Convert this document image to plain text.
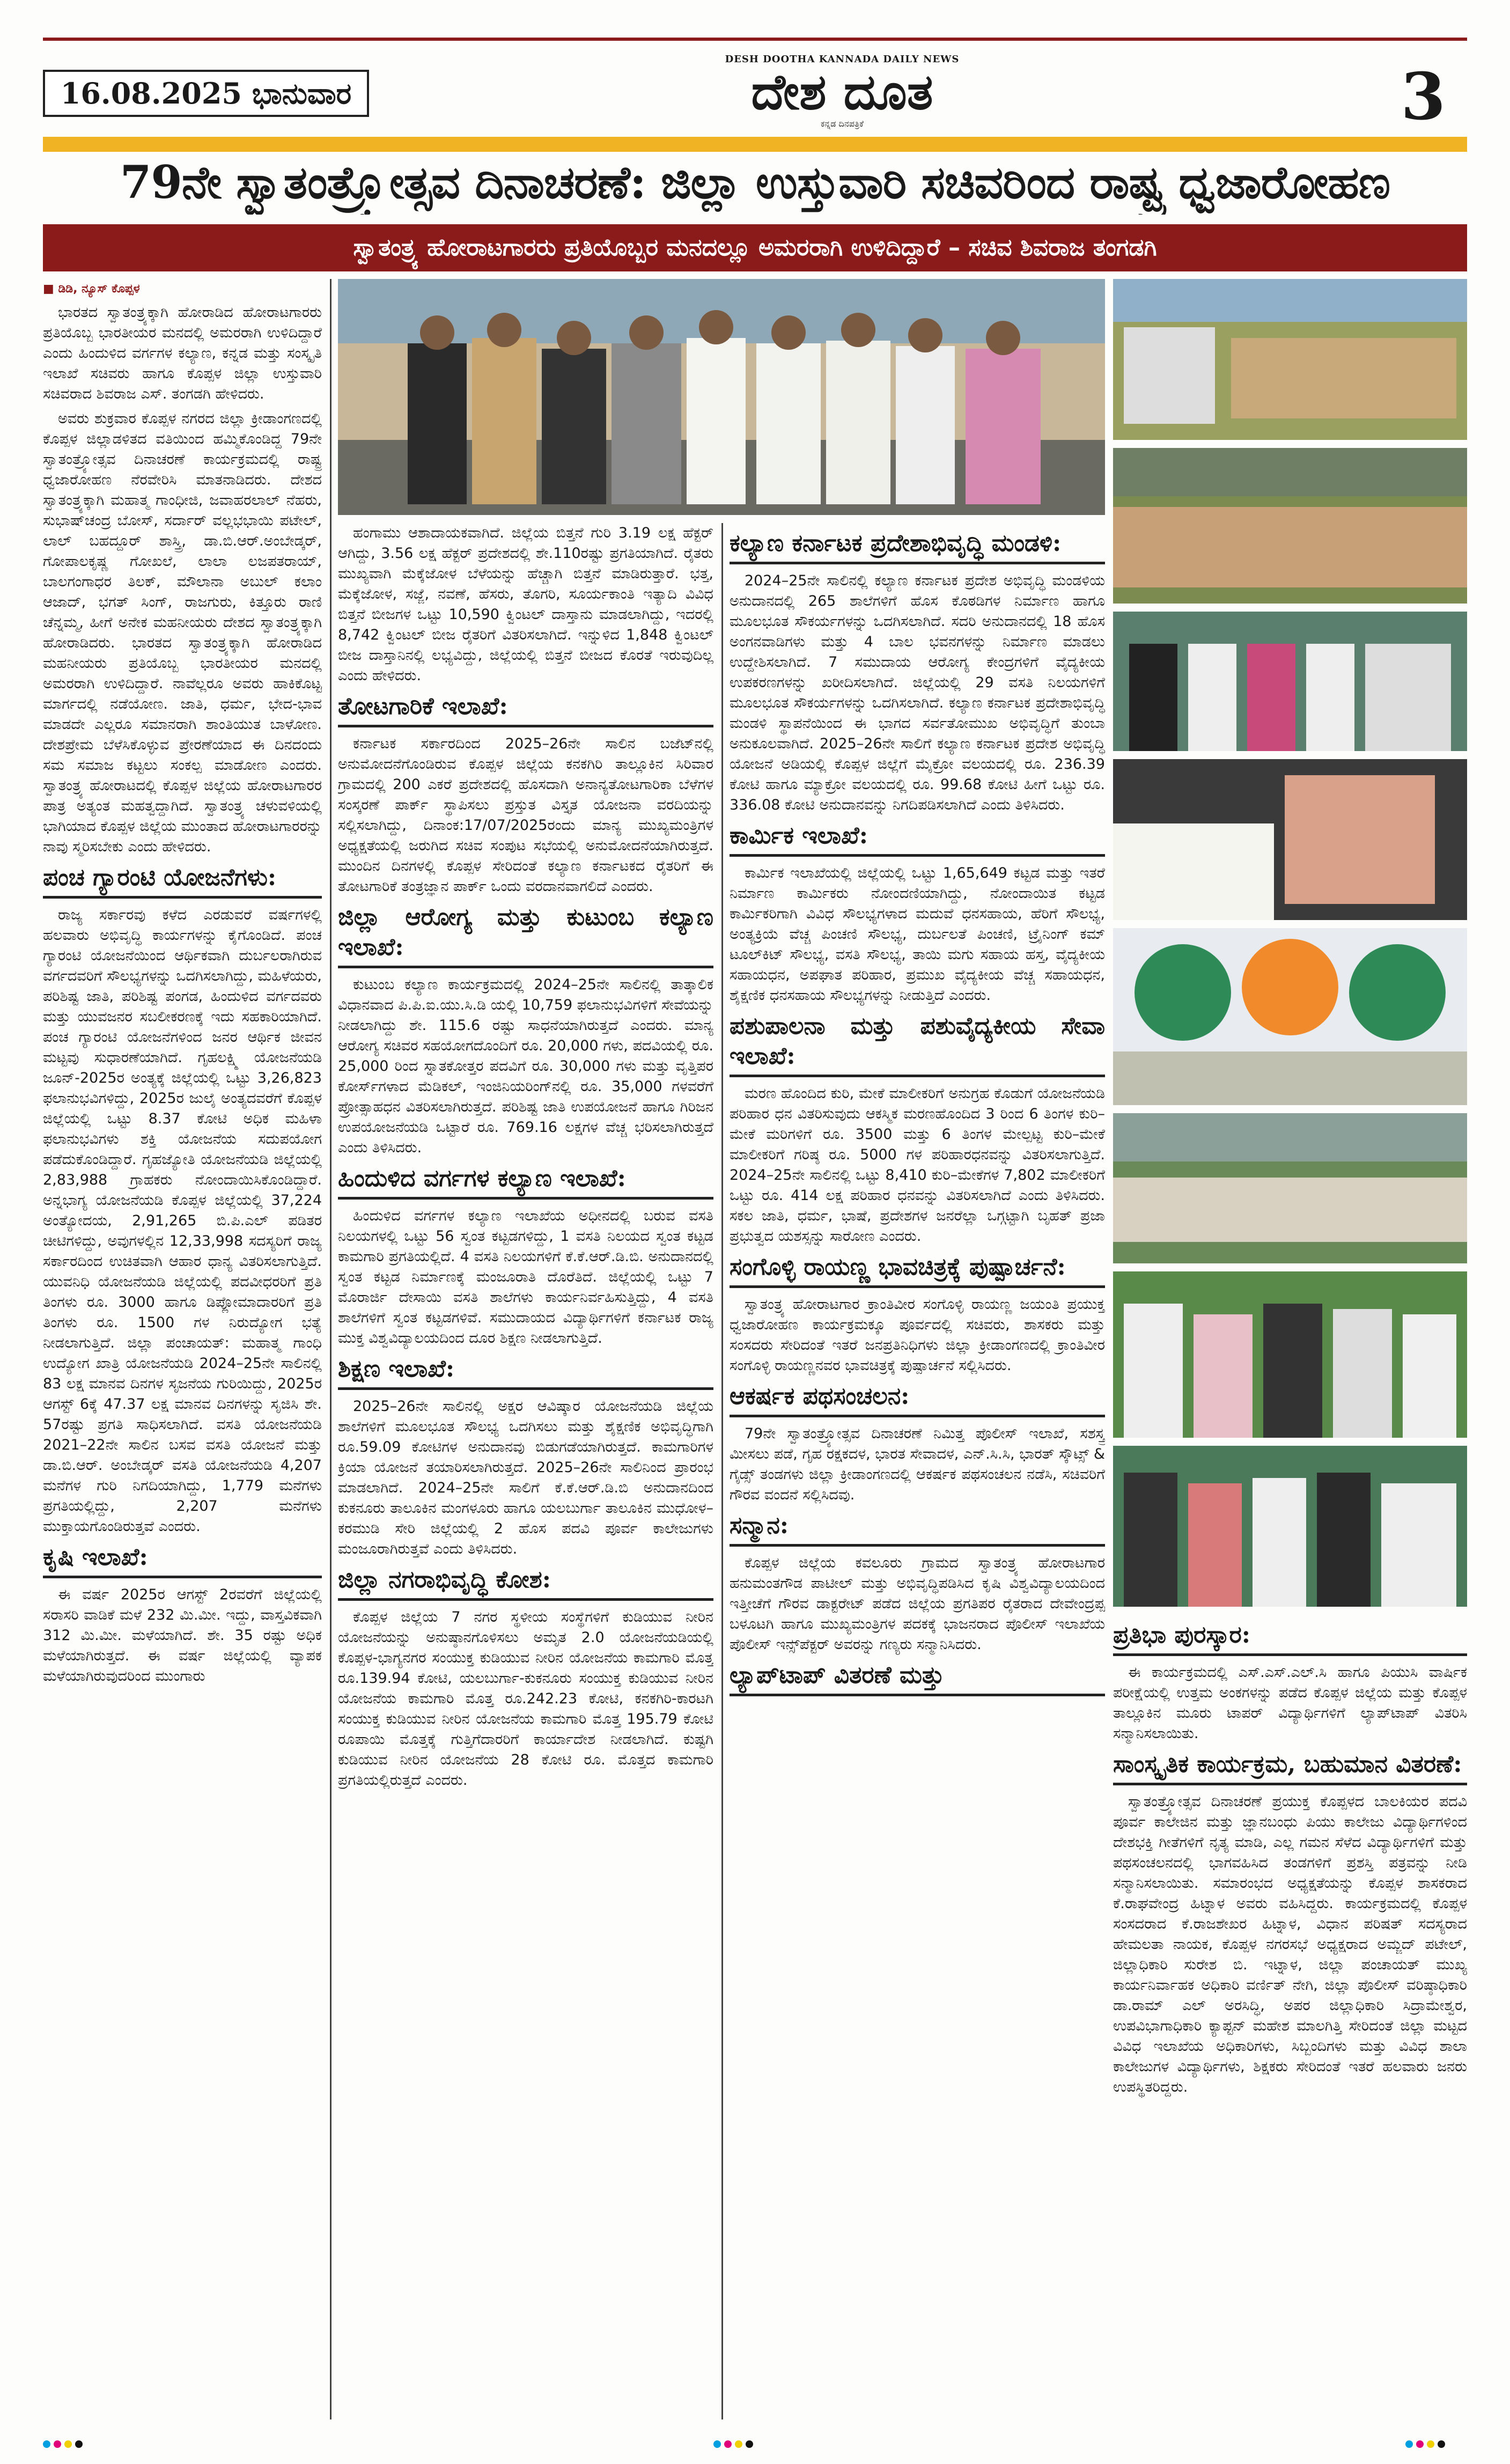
16.08.2025 ಭಾನುವಾರ
DESH DOOTHA KANNADA DAILY NEWS
ದೇಶ ದೂತ
ಕನ್ನಡ ದಿನಪತ್ರಿಕೆ	3
79ನೇ ಸ್ವಾತಂತ್ರ್ಯೋತ್ಸವ ದಿನಾಚರಣೆ: ಜಿಲ್ಲಾ ಉಸ್ತುವಾರಿ ಸಚಿವರಿಂದ ರಾಷ್ಟ್ರ ಧ್ವಜಾರೋಹಣ
ಸ್ವಾತಂತ್ರ್ಯ ಹೋರಾಟಗಾರರು ಪ್ರತಿಯೊಬ್ಬರ ಮನದಲ್ಲೂ ಅಮರರಾಗಿ ಉಳಿದಿದ್ದಾರೆ – ಸಚಿವ ಶಿವರಾಜ ತಂಗಡಗಿ
■ ಡಿಡಿ, ನ್ಯೂಸ್ ಕೊಪ್ಪಳ

ಭಾರತದ ಸ್ವಾತಂತ್ರ್ಯಕ್ಕಾಗಿ ಹೋರಾಡಿದ ಹೋರಾಟಗಾರರು ಪ್ರತಿಯೊಬ್ಬ ಭಾರತೀಯರ ಮನದಲ್ಲಿ ಅಮರರಾಗಿ ಉಳಿದಿದ್ದಾರೆ ಎಂದು ಹಿಂದುಳಿದ ವರ್ಗಗಳ ಕಲ್ಯಾಣ, ಕನ್ನಡ ಮತ್ತು ಸಂಸ್ಕೃತಿ ಇಲಾಖೆ ಸಚಿವರು ಹಾಗೂ ಕೊಪ್ಪಳ ಜಿಲ್ಲಾ ಉಸ್ತುವಾರಿ ಸಚಿವರಾದ ಶಿವರಾಜ ಎಸ್. ತಂಗಡಗಿ ಹೇಳಿದರು.

ಅವರು ಶುಕ್ರವಾರ ಕೊಪ್ಪಳ ನಗರದ ಜಿಲ್ಲಾ ಕ್ರೀಡಾಂಗಣದಲ್ಲಿ ಕೊಪ್ಪಳ ಜಿಲ್ಲಾಡಳಿತದ ವತಿಯಿಂದ ಹಮ್ಮಿಕೊಂಡಿದ್ದ 79ನೇ ಸ್ವಾತಂತ್ರ್ಯೋತ್ಸವ ದಿನಾಚರಣೆ ಕಾರ್ಯಕ್ರಮದಲ್ಲಿ ರಾಷ್ಟ್ರ ಧ್ವಜಾರೋಹಣ ನೆರವೇರಿಸಿ ಮಾತನಾಡಿದರು. ದೇಶದ ಸ್ವಾತಂತ್ರ್ಯಕ್ಕಾಗಿ ಮಹಾತ್ಮ ಗಾಂಧೀಜಿ, ಜವಾಹರಲಾಲ್ ನೆಹರು, ಸುಭಾಷ್‌ಚಂದ್ರ ಬೋಸ್, ಸರ್ದಾರ್ ವಲ್ಲಭಭಾಯಿ ಪಟೇಲ್, ಲಾಲ್ ಬಹದ್ದೂರ್ ಶಾಸ್ತ್ರಿ, ಡಾ.ಬಿ.ಆರ್.ಅಂಬೇಡ್ಕರ್, ಗೋಪಾಲಕೃಷ್ಣ ಗೋಖಲೆ, ಲಾಲಾ ಲಜಪತರಾಯ್, ಬಾಲಗಂಗಾಧರ ತಿಲಕ್, ಮೌಲಾನಾ ಅಬುಲ್ ಕಲಾಂ ಆಜಾದ್, ಭಗತ್ ಸಿಂಗ್, ರಾಜಗುರು, ಕಿತ್ತೂರು ರಾಣಿ ಚೆನ್ನಮ್ಮ, ಹೀಗೆ ಅನೇಕ ಮಹನೀಯರು ದೇಶದ ಸ್ವಾತಂತ್ರ್ಯಕ್ಕಾಗಿ ಹೋರಾಡಿದರು. ಭಾರತದ ಸ್ವಾತಂತ್ರ್ಯಕ್ಕಾಗಿ ಹೋರಾಡಿದ ಮಹನೀಯರು ಪ್ರತಿಯೊಬ್ಬ ಭಾರತೀಯರ ಮನದಲ್ಲಿ ಅಮರರಾಗಿ ಉಳಿದಿದ್ದಾರೆ. ನಾವೆಲ್ಲರೂ ಅವರು ಹಾಕಿಕೊಟ್ಟ ಮಾರ್ಗದಲ್ಲಿ ನಡೆಯೋಣ. ಜಾತಿ, ಧರ್ಮ, ಭೇದ-ಭಾವ ಮಾಡದೇ ಎಲ್ಲರೂ ಸಮಾನರಾಗಿ ಶಾಂತಿಯುತ ಬಾಳೋಣ. ದೇಶಪ್ರೇಮ ಬೆಳೆಸಿಕೊಳ್ಳುವ ಪ್ರೇರಣೆಯಾದ ಈ ದಿನದಂದು ಸಮ ಸಮಾಜ ಕಟ್ಟಲು ಸಂಕಲ್ಪ ಮಾಡೋಣ ಎಂದರು. ಸ್ವಾತಂತ್ರ್ಯ ಹೋರಾಟದಲ್ಲಿ ಕೊಪ್ಪಳ ಜಿಲ್ಲೆಯ ಹೋರಾಟಗಾರರ ಪಾತ್ರ ಅತ್ಯಂತ ಮಹತ್ವದ್ದಾಗಿದೆ. ಸ್ವಾತಂತ್ರ್ಯ ಚಳುವಳಿಯಲ್ಲಿ ಭಾಗಿಯಾದ ಕೊಪ್ಪಳ ಜಿಲ್ಲೆಯ ಮುಂತಾದ ಹೋರಾಟಗಾರರನ್ನು ನಾವು ಸ್ಮರಿಸಬೇಕು ಎಂದು ಹೇಳಿದರು.

ಪಂಚ ಗ್ಯಾರಂಟಿ ಯೋಜನೆಗಳು:

ರಾಜ್ಯ ಸರ್ಕಾರವು ಕಳೆದ ಎರಡುವರೆ ವರ್ಷಗಳಲ್ಲಿ ಹಲವಾರು ಅಭಿವೃದ್ಧಿ ಕಾರ್ಯಗಳನ್ನು ಕೈಗೊಂಡಿದೆ. ಪಂಚ ಗ್ಯಾರಂಟಿ ಯೋಜನೆಯಿಂದ ಆರ್ಥಿಕವಾಗಿ ದುರ್ಬಲರಾಗಿರುವ ವರ್ಗದವರಿಗೆ ಸೌಲಭ್ಯಗಳನ್ನು ಒದಗಿಸಲಾಗಿದ್ದು, ಮಹಿಳೆಯರು, ಪರಿಶಿಷ್ಟ ಜಾತಿ, ಪರಿಶಿಷ್ಟ ಪಂಗಡ, ಹಿಂದುಳಿದ ವರ್ಗದವರು ಮತ್ತು ಯುವಜನರ ಸಬಲೀಕರಣಕ್ಕೆ ಇದು ಸಹಕಾರಿಯಾಗಿದೆ. ಪಂಚ ಗ್ಯಾರಂಟಿ ಯೋಜನೆಗಳಿಂದ ಜನರ ಆರ್ಥಿಕ ಜೀವನ ಮಟ್ಟವು ಸುಧಾರಣೆಯಾಗಿದೆ. ಗೃಹಲಕ್ಷ್ಮಿ ಯೋಜನೆಯಡಿ ಜೂನ್-2025ರ ಅಂತ್ಯಕ್ಕೆ ಜಿಲ್ಲೆಯಲ್ಲಿ ಒಟ್ಟು 3,26,823 ಫಲಾನುಭವಿಗಳಿದ್ದು, 2025ರ ಜುಲೈ ಅಂತ್ಯದವರೆಗೆ ಕೊಪ್ಪಳ ಜಿಲ್ಲೆಯಲ್ಲಿ ಒಟ್ಟು 8.37 ಕೋಟಿ ಅಧಿಕ ಮಹಿಳಾ ಫಲಾನುಭವಿಗಳು ಶಕ್ತಿ ಯೋಜನೆಯ ಸದುಪಯೋಗ ಪಡೆದುಕೊಂಡಿದ್ದಾರೆ. ಗೃಹಜ್ಯೋತಿ ಯೋಜನೆಯಡಿ ಜಿಲ್ಲೆಯಲ್ಲಿ 2,83,988 ಗ್ರಾಹಕರು ನೋಂದಾಯಿಸಿಕೊಂಡಿದ್ದಾರೆ. ಅನ್ನಭಾಗ್ಯ ಯೋಜನೆಯಡಿ ಕೊಪ್ಪಳ ಜಿಲ್ಲೆಯಲ್ಲಿ 37,224 ಅಂತ್ಯೋದಯ, 2,91,265 ಬಿ.ಪಿ.ಎಲ್ ಪಡಿತರ ಚೀಟಿಗಳಿದ್ದು, ಅವುಗಳಲ್ಲಿನ 12,33,998 ಸದಸ್ಯರಿಗೆ ರಾಜ್ಯ ಸರ್ಕಾರದಿಂದ ಉಚಿತವಾಗಿ ಆಹಾರ ಧಾನ್ಯ ವಿತರಿಸಲಾಗುತ್ತಿದೆ. ಯುವನಿಧಿ ಯೋಜನೆಯಡಿ ಜಿಲ್ಲೆಯಲ್ಲಿ ಪದವೀಧರರಿಗೆ ಪ್ರತಿ ತಿಂಗಳು ರೂ. 3000 ಹಾಗೂ ಡಿಪ್ಲೋಮಾದಾರರಿಗೆ ಪ್ರತಿ ತಿಂಗಳು ರೂ. 1500 ಗಳ ನಿರುದ್ಯೋಗ ಭತ್ಯೆ ನೀಡಲಾಗುತ್ತಿದೆ. ಜಿಲ್ಲಾ ಪಂಚಾಯತ್: ಮಹಾತ್ಮ ಗಾಂಧಿ ಉದ್ಯೋಗ ಖಾತ್ರಿ ಯೋಜನೆಯಡಿ 2024–25ನೇ ಸಾಲಿನಲ್ಲಿ 83 ಲಕ್ಷ ಮಾನವ ದಿನಗಳ ಸೃಜನೆಯ ಗುರಿಯಿದ್ದು, 2025ರ ಆಗಸ್ಟ್ 6ಕ್ಕೆ 47.37 ಲಕ್ಷ ಮಾನವ ದಿನಗಳನ್ನು ಸೃಜಿಸಿ ಶೇ. 57ರಷ್ಟು ಪ್ರಗತಿ ಸಾಧಿಸಲಾಗಿದೆ. ವಸತಿ ಯೋಜನೆಯಡಿ 2021–22ನೇ ಸಾಲಿನ ಬಸವ ವಸತಿ ಯೋಜನೆ ಮತ್ತು ಡಾ.ಬಿ.ಆರ್. ಅಂಬೇಡ್ಕರ್ ವಸತಿ ಯೋಜನೆಯಡಿ 4,207 ಮನೆಗಳ ಗುರಿ ನಿಗದಿಯಾಗಿದ್ದು, 1,779 ಮನೆಗಳು ಪ್ರಗತಿಯಲ್ಲಿದ್ದು, 2,207 ಮನೆಗಳು ಮುಕ್ತಾಯಗೊಂಡಿರುತ್ತವೆ ಎಂದರು.

ಕೃಷಿ ಇಲಾಖೆ:

ಈ ವರ್ಷ 2025ರ ಆಗಸ್ಟ್ 2ರವರೆಗೆ ಜಿಲ್ಲೆಯಲ್ಲಿ ಸರಾಸರಿ ವಾಡಿಕೆ ಮಳೆ 232 ಮಿ.ಮೀ. ಇದ್ದು, ವಾಸ್ತವಿಕವಾಗಿ 312 ಮಿ.ಮೀ. ಮಳೆಯಾಗಿದೆ. ಶೇ. 35 ರಷ್ಟು ಅಧಿಕ ಮಳೆಯಾಗಿರುತ್ತದೆ. ಈ ವರ್ಷ ಜಿಲ್ಲೆಯಲ್ಲಿ ವ್ಯಾಪಕ ಮಳೆಯಾಗಿರುವುದರಿಂದ ಮುಂಗಾರು

ಹಂಗಾಮು ಆಶಾದಾಯಕವಾಗಿದೆ. ಜಿಲ್ಲೆಯ ಬಿತ್ತನೆ ಗುರಿ 3.19 ಲಕ್ಷ ಹೆಕ್ಟರ್ ಆಗಿದ್ದು, 3.56 ಲಕ್ಷ ಹೆಕ್ಟರ್ ಪ್ರದೇಶದಲ್ಲಿ ಶೇ.110ರಷ್ಟು ಪ್ರಗತಿಯಾಗಿದೆ. ರೈತರು ಮುಖ್ಯವಾಗಿ ಮೆಕ್ಕೆಜೋಳ ಬೆಳೆಯನ್ನು ಹೆಚ್ಚಾಗಿ ಬಿತ್ತನೆ ಮಾಡಿರುತ್ತಾರೆ. ಭತ್ತ, ಮೆಕ್ಕೆಜೋಳ, ಸಜ್ಜೆ, ನವಣೆ, ಹೆಸರು, ತೊಗರಿ, ಸೂರ್ಯಕಾಂತಿ ಇತ್ಯಾದಿ ವಿವಿಧ ಬಿತ್ತನೆ ಬೀಜಗಳ ಒಟ್ಟು 10,590 ಕ್ವಿಂಟಲ್ ದಾಸ್ತಾನು ಮಾಡಲಾಗಿದ್ದು, ಇದರಲ್ಲಿ 8,742 ಕ್ವಿಂಟಲ್ ಬೀಜ ರೈತರಿಗೆ ವಿತರಿಸಲಾಗಿದೆ. ಇನ್ನುಳಿದ 1,848 ಕ್ವಿಂಟಲ್ ಬೀಜ ದಾಸ್ತಾನಿನಲ್ಲಿ ಲಭ್ಯವಿದ್ದು, ಜಿಲ್ಲೆಯಲ್ಲಿ ಬಿತ್ತನೆ ಬೀಜದ ಕೊರತೆ ಇರುವುದಿಲ್ಲ ಎಂದು ಹೇಳಿದರು.

ತೋಟಗಾರಿಕೆ ಇಲಾಖೆ:

ಕರ್ನಾಟಕ ಸರ್ಕಾರದಿಂದ 2025–26ನೇ ಸಾಲಿನ ಬಜೆಟ್‌ನಲ್ಲಿ ಅನುಮೋದನೆಗೊಂಡಿರುವ ಕೊಪ್ಪಳ ಜಿಲ್ಲೆಯ ಕನಕಗಿರಿ ತಾಲ್ಲೂಕಿನ ಸಿರಿವಾರ ಗ್ರಾಮದಲ್ಲಿ 200 ಎಕರೆ ಪ್ರದೇಶದಲ್ಲಿ ಹೊಸದಾಗಿ ಅನಾನ್ಯತೋಟಗಾರಿಕಾ ಬೆಳೆಗಳ ಸಂಸ್ಕರಣೆ ಪಾರ್ಕ್ ಸ್ಥಾಪಿಸಲು ಪ್ರಸ್ತುತ ವಿಸ್ತೃತ ಯೋಜನಾ ವರದಿಯನ್ನು ಸಲ್ಲಿಸಲಾಗಿದ್ದು, ದಿನಾಂಕ:17/07/2025ರಂದು ಮಾನ್ಯ ಮುಖ್ಯಮಂತ್ರಿಗಳ ಅಧ್ಯಕ್ಷತೆಯಲ್ಲಿ ಜರುಗಿದ ಸಚಿವ ಸಂಪುಟ ಸಭೆಯಲ್ಲಿ ಅನುಮೋದನೆಯಾಗಿರುತ್ತದೆ. ಮುಂದಿನ ದಿನಗಳಲ್ಲಿ ಕೊಪ್ಪಳ ಸೇರಿದಂತೆ ಕಲ್ಯಾಣ ಕರ್ನಾಟಕದ ರೈತರಿಗೆ ಈ ತೋಟಗಾರಿಕೆ ತಂತ್ರಜ್ಞಾನ ಪಾರ್ಕ್ ಒಂದು ವರದಾನವಾಗಲಿದೆ ಎಂದರು.

ಜಿಲ್ಲಾ ಆರೋಗ್ಯ ಮತ್ತು ಕುಟುಂಬ ಕಲ್ಯಾಣ ಇಲಾಖೆ:

ಕುಟುಂಬ ಕಲ್ಯಾಣ ಕಾರ್ಯಕ್ರಮದಲ್ಲಿ 2024–25ನೇ ಸಾಲಿನಲ್ಲಿ ತಾತ್ಕಾಲಿಕ ವಿಧಾನವಾದ ಪಿ.ಪಿ.ಐ.ಯು.ಸಿ.ಡಿ ಯಲ್ಲಿ 10,759 ಫಲಾನುಭವಿಗಳಿಗೆ ಸೇವೆಯನ್ನು ನೀಡಲಾಗಿದ್ದು ಶೇ. 115.6 ರಷ್ಟು ಸಾಧನೆಯಾಗಿರುತ್ತದೆ ಎಂದರು. ಮಾನ್ಯ ಆರೋಗ್ಯ ಸಚಿವರ ಸಹಯೋಗದೊಂದಿಗೆ ರೂ. 20,000 ಗಳು, ಪದವಿಯಲ್ಲಿ ರೂ. 25,000 ರಿಂದ ಸ್ನಾತಕೋತ್ತರ ಪದವಿಗೆ ರೂ. 30,000 ಗಳು ಮತ್ತು ವೃತ್ತಿಪರ ಕೋರ್ಸ್‌ಗಳಾದ ಮೆಡಿಕಲ್, ಇಂಜಿನಿಯರಿಂಗ್‌ನಲ್ಲಿ ರೂ. 35,000 ಗಳವರೆಗೆ ಪ್ರೋತ್ಸಾಹಧನ ವಿತರಿಸಲಾಗಿರುತ್ತದೆ. ಪರಿಶಿಷ್ಟ ಜಾತಿ ಉಪಯೋಜನೆ ಹಾಗೂ ಗಿರಿಜನ ಉಪಯೋಜನೆಯಡಿ ಒಟ್ಟಾರೆ ರೂ. 769.16 ಲಕ್ಷಗಳ ವೆಚ್ಚ ಭರಿಸಲಾಗಿರುತ್ತದೆ ಎಂದು ತಿಳಿಸಿದರು.

ಹಿಂದುಳಿದ ವರ್ಗಗಳ ಕಲ್ಯಾಣ ಇಲಾಖೆ:

ಹಿಂದುಳಿದ ವರ್ಗಗಳ ಕಲ್ಯಾಣ ಇಲಾಖೆಯ ಅಧೀನದಲ್ಲಿ ಬರುವ ವಸತಿ ನಿಲಯಗಳಲ್ಲಿ ಒಟ್ಟು 56 ಸ್ವಂತ ಕಟ್ಟಡಗಳಿದ್ದು, 1 ವಸತಿ ನಿಲಯದ ಸ್ವಂತ ಕಟ್ಟಡ ಕಾಮಗಾರಿ ಪ್ರಗತಿಯಲ್ಲಿದೆ. 4 ವಸತಿ ನಿಲಯಗಳಿಗೆ ಕೆ.ಕೆ.ಆರ್.ಡಿ.ಬಿ. ಅನುದಾನದಲ್ಲಿ ಸ್ವಂತ ಕಟ್ಟಡ ನಿರ್ಮಾಣಕ್ಕೆ ಮಂಜೂರಾತಿ ದೊರೆತಿದೆ. ಜಿಲ್ಲೆಯಲ್ಲಿ ಒಟ್ಟು 7 ಮೊರಾರ್ಜಿ ದೇಸಾಯಿ ವಸತಿ ಶಾಲೆಗಳು ಕಾರ್ಯನಿರ್ವಹಿಸುತ್ತಿದ್ದು, 4 ವಸತಿ ಶಾಲೆಗಳಿಗೆ ಸ್ವಂತ ಕಟ್ಟಡಗಳಿವೆ. ಸಮುದಾಯದ ವಿದ್ಯಾರ್ಥಿಗಳಿಗೆ ಕರ್ನಾಟಕ ರಾಜ್ಯ ಮುಕ್ತ ವಿಶ್ವವಿದ್ಯಾಲಯದಿಂದ ದೂರ ಶಿಕ್ಷಣ ನೀಡಲಾಗುತ್ತಿದೆ.

ಶಿಕ್ಷಣ ಇಲಾಖೆ:

2025–26ನೇ ಸಾಲಿನಲ್ಲಿ ಅಕ್ಷರ ಆವಿಷ್ಕಾರ ಯೋಜನೆಯಡಿ ಜಿಲ್ಲೆಯ ಶಾಲೆಗಳಿಗೆ ಮೂಲಭೂತ ಸೌಲಭ್ಯ ಒದಗಿಸಲು ಮತ್ತು ಶೈಕ್ಷಣಿಕ ಅಭಿವೃದ್ಧಿಗಾಗಿ ರೂ.59.09 ಕೋಟಿಗಳ ಅನುದಾನವು ಬಿಡುಗಡೆಯಾಗಿರುತ್ತದೆ. ಕಾಮಗಾರಿಗಳ ಕ್ರಿಯಾ ಯೋಜನೆ ತಯಾರಿಸಲಾಗಿರುತ್ತದೆ. 2025–26ನೇ ಸಾಲಿನಿಂದ ಪ್ರಾರಂಭ ಮಾಡಲಾಗಿದೆ. 2024–25ನೇ ಸಾಲಿಗೆ ಕೆ.ಕೆ.ಆರ್.ಡಿ.ಬಿ ಅನುದಾನದಿಂದ ಕುಕನೂರು ತಾಲೂಕಿನ ಮಂಗಳೂರು ಹಾಗೂ ಯಲಬುರ್ಗಾ ತಾಲೂಕಿನ ಮುಧೋಳ–ಕರಮುಡಿ ಸೇರಿ ಜಿಲ್ಲೆಯಲ್ಲಿ 2 ಹೊಸ ಪದವಿ ಪೂರ್ವ ಕಾಲೇಜುಗಳು ಮಂಜೂರಾಗಿರುತ್ತವೆ ಎಂದು ತಿಳಿಸಿದರು.

ಜಿಲ್ಲಾ ನಗರಾಭಿವೃದ್ಧಿ ಕೋಶ:

ಕೊಪ್ಪಳ ಜಿಲ್ಲೆಯ 7 ನಗರ ಸ್ಥಳೀಯ ಸಂಸ್ಥೆಗಳಿಗೆ ಕುಡಿಯುವ ನೀರಿನ ಯೋಜನೆಯನ್ನು ಅನುಷ್ಠಾನಗೊಳಿಸಲು ಅಮೃತ 2.0 ಯೋಜನೆಯಡಿಯಲ್ಲಿ ಕೊಪ್ಪಳ-ಭಾಗ್ಯನಗರ ಸಂಯುಕ್ತ ಕುಡಿಯುವ ನೀರಿನ ಯೋಜನೆಯ ಕಾಮಗಾರಿ ಮೊತ್ತ ರೂ.139.94 ಕೋಟಿ, ಯಲಬುರ್ಗಾ-ಕುಕನೂರು ಸಂಯುಕ್ತ ಕುಡಿಯುವ ನೀರಿನ ಯೋಜನೆಯ ಕಾಮಗಾರಿ ಮೊತ್ತ ರೂ.242.23 ಕೋಟಿ, ಕನಕಗಿರಿ-ಕಾರಟಗಿ ಸಂಯುಕ್ತ ಕುಡಿಯುವ ನೀರಿನ ಯೋಜನೆಯ ಕಾಮಗಾರಿ ಮೊತ್ತ 195.79 ಕೋಟಿ ರೂಪಾಯಿ ಮೊತ್ತಕ್ಕೆ ಗುತ್ತಿಗೆದಾರರಿಗೆ ಕಾರ್ಯಾದೇಶ ನೀಡಲಾಗಿದೆ. ಕುಷ್ಟಗಿ ಕುಡಿಯುವ ನೀರಿನ ಯೋಜನೆಯ 28 ಕೋಟಿ ರೂ. ಮೊತ್ತದ ಕಾಮಗಾರಿ ಪ್ರಗತಿಯಲ್ಲಿರುತ್ತದೆ ಎಂದರು.

ಕಲ್ಯಾಣ ಕರ್ನಾಟಕ ಪ್ರದೇಶಾಭಿವೃದ್ಧಿ ಮಂಡಳಿ:

2024–25ನೇ ಸಾಲಿನಲ್ಲಿ ಕಲ್ಯಾಣ ಕರ್ನಾಟಕ ಪ್ರದೇಶ ಅಭಿವೃದ್ಧಿ ಮಂಡಳಿಯ ಅನುದಾನದಲ್ಲಿ 265 ಶಾಲೆಗಳಿಗೆ ಹೊಸ ಕೊಠಡಿಗಳ ನಿರ್ಮಾಣ ಹಾಗೂ ಮೂಲಭೂತ ಸೌಕರ್ಯಗಳನ್ನು ಒದಗಿಸಲಾಗಿದೆ. ಸದರಿ ಅನುದಾನದಲ್ಲಿ 18 ಹೊಸ ಅಂಗನವಾಡಿಗಳು ಮತ್ತು 4 ಬಾಲ ಭವನಗಳನ್ನು ನಿರ್ಮಾಣ ಮಾಡಲು ಉದ್ದೇಶಿಸಲಾಗಿದೆ. 7 ಸಮುದಾಯ ಆರೋಗ್ಯ ಕೇಂದ್ರಗಳಿಗೆ ವೈದ್ಯಕೀಯ ಉಪಕರಣಗಳನ್ನು ಖರೀದಿಸಲಾಗಿದೆ. ಜಿಲ್ಲೆಯಲ್ಲಿ 29 ವಸತಿ ನಿಲಯಗಳಿಗೆ ಮೂಲಭೂತ ಸೌಕರ್ಯಗಳನ್ನು ಒದಗಿಸಲಾಗಿದೆ. ಕಲ್ಯಾಣ ಕರ್ನಾಟಕ ಪ್ರದೇಶಾಭಿವೃದ್ಧಿ ಮಂಡಳಿ ಸ್ಥಾಪನೆಯಿಂದ ಈ ಭಾಗದ ಸರ್ವತೋಮುಖ ಅಭಿವೃದ್ಧಿಗೆ ತುಂಬಾ ಅನುಕೂಲವಾಗಿದೆ. 2025–26ನೇ ಸಾಲಿಗೆ ಕಲ್ಯಾಣ ಕರ್ನಾಟಕ ಪ್ರದೇಶ ಅಭಿವೃದ್ಧಿ ಯೋಜನೆ ಅಡಿಯಲ್ಲಿ ಕೊಪ್ಪಳ ಜಿಲ್ಲೆಗೆ ಮೈಕ್ರೋ ವಲಯದಲ್ಲಿ ರೂ. 236.39 ಕೋಟಿ ಹಾಗೂ ಮ್ಯಾಕ್ರೋ ವಲಯದಲ್ಲಿ ರೂ. 99.68 ಕೋಟಿ ಹೀಗೆ ಒಟ್ಟು ರೂ. 336.08 ಕೋಟಿ ಅನುದಾನವನ್ನು ನಿಗದಿಪಡಿಸಲಾಗಿದೆ ಎಂದು ತಿಳಿಸಿದರು.

ಕಾರ್ಮಿಕ ಇಲಾಖೆ:

ಕಾರ್ಮಿಕ ಇಲಾಖೆಯಲ್ಲಿ ಜಿಲ್ಲೆಯಲ್ಲಿ ಒಟ್ಟು 1,65,649 ಕಟ್ಟಡ ಮತ್ತು ಇತರೆ ನಿರ್ಮಾಣ ಕಾರ್ಮಿಕರು ನೋಂದಣಿಯಾಗಿದ್ದು, ನೋಂದಾಯಿತ ಕಟ್ಟಡ ಕಾರ್ಮಿಕರಿಗಾಗಿ ವಿವಿಧ ಸೌಲಭ್ಯಗಳಾದ ಮದುವೆ ಧನಸಹಾಯ, ಹೆರಿಗೆ ಸೌಲಭ್ಯ, ಅಂತ್ಯಕ್ರಿಯೆ ವೆಚ್ಚ ಪಿಂಚಣಿ ಸೌಲಭ್ಯ, ದುರ್ಬಲತೆ ಪಿಂಚಣಿ, ಟ್ರೈನಿಂಗ್ ಕಮ್ ಟೂಲ್‌ಕಿಟ್ ಸೌಲಭ್ಯ, ವಸತಿ ಸೌಲಭ್ಯ, ತಾಯಿ ಮಗು ಸಹಾಯ ಹಸ್ತ, ವೈದ್ಯಕೀಯ ಸಹಾಯಧನ, ಅಪಘಾತ ಪರಿಹಾರ, ಪ್ರಮುಖ ವೈದ್ಯಕೀಯ ವೆಚ್ಚ ಸಹಾಯಧನ, ಶೈಕ್ಷಣಿಕ ಧನಸಹಾಯ ಸೌಲಭ್ಯಗಳನ್ನು ನೀಡುತ್ತಿದೆ ಎಂದರು.

ಪಶುಪಾಲನಾ ಮತ್ತು ಪಶುವೈದ್ಯಕೀಯ ಸೇವಾ ಇಲಾಖೆ:

ಮರಣ ಹೊಂದಿದ ಕುರಿ, ಮೇಕೆ ಮಾಲೀಕರಿಗೆ ಅನುಗ್ರಹ ಕೊಡುಗೆ ಯೋಜನೆಯಡಿ ಪರಿಹಾರ ಧನ ವಿತರಿಸುವುದು ಆಕಸ್ಮಿಕ ಮರಣಹೊಂದಿದ 3 ರಿಂದ 6 ತಿಂಗಳ ಕುರಿ–ಮೇಕೆ ಮರಿಗಳಿಗೆ ರೂ. 3500 ಮತ್ತು 6 ತಿಂಗಳ ಮೇಲ್ಪಟ್ಟ ಕುರಿ–ಮೇಕೆ ಮಾಲೀಕರಿಗೆ ಗರಿಷ್ಠ ರೂ. 5000 ಗಳ ಪರಿಹಾರಧನವನ್ನು ವಿತರಿಸಲಾಗುತ್ತಿದೆ. 2024–25ನೇ ಸಾಲಿನಲ್ಲಿ ಒಟ್ಟು 8,410 ಕುರಿ–ಮೇಕೆಗಳ 7,802 ಮಾಲೀಕರಿಗೆ ಒಟ್ಟು ರೂ. 414 ಲಕ್ಷ ಪರಿಹಾರ ಧನವನ್ನು ವಿತರಿಸಲಾಗಿದೆ ಎಂದು ತಿಳಿಸಿದರು. ಸಕಲ ಜಾತಿ, ಧರ್ಮ, ಭಾಷೆ, ಪ್ರದೇಶಗಳ ಜನರೆಲ್ಲಾ ಒಗ್ಗಟ್ಟಾಗಿ ಬೃಹತ್ ಪ್ರಜಾ ಪ್ರಭುತ್ವದ ಯಶಸ್ಸನ್ನು ಸಾರೋಣ ಎಂದರು.

ಸಂಗೊಳ್ಳಿ ರಾಯಣ್ಣ ಭಾವಚಿತ್ರಕ್ಕೆ ಪುಷ್ಪಾರ್ಚನೆ:

ಸ್ವಾತಂತ್ರ್ಯ ಹೋರಾಟಗಾರ ಕ್ರಾಂತಿವೀರ ಸಂಗೊಳ್ಳಿ ರಾಯಣ್ಣ ಜಯಂತಿ ಪ್ರಯುಕ್ತ ಧ್ವಜಾರೋಹಣ ಕಾರ್ಯಕ್ರಮಕ್ಕೂ ಪೂರ್ವದಲ್ಲಿ ಸಚಿವರು, ಶಾಸಕರು ಮತ್ತು ಸಂಸದರು ಸೇರಿದಂತೆ ಇತರೆ ಜನಪ್ರತಿನಿಧಿಗಳು ಜಿಲ್ಲಾ ಕ್ರೀಡಾಂಗಣದಲ್ಲಿ ಕ್ರಾಂತಿವೀರ ಸಂಗೊಳ್ಳಿ ರಾಯಣ್ಣನವರ ಭಾವಚಿತ್ರಕ್ಕೆ ಪುಷ್ಪಾರ್ಚನೆ ಸಲ್ಲಿಸಿದರು.

ಆಕರ್ಷಕ ಪಥಸಂಚಲನ:

79ನೇ ಸ್ವಾತಂತ್ರ್ಯೋತ್ಸವ ದಿನಾಚರಣೆ ನಿಮಿತ್ತ ಪೊಲೀಸ್ ಇಲಾಖೆ, ಸಶಸ್ತ್ರ ಮೀಸಲು ಪಡೆ, ಗೃಹ ರಕ್ಷಕದಳ, ಭಾರತ ಸೇವಾದಳ, ಎನ್.ಸಿ.ಸಿ, ಭಾರತ್ ಸ್ಕೌಟ್ಸ್ & ಗೈಡ್ಸ್ ತಂಡಗಳು ಜಿಲ್ಲಾ ಕ್ರೀಡಾಂಗಣದಲ್ಲಿ ಆಕರ್ಷಕ ಪಥಸಂಚಲನ ನಡೆಸಿ, ಸಚಿವರಿಗೆ ಗೌರವ ವಂದನೆ ಸಲ್ಲಿಸಿದವು.

ಸನ್ಮಾನ:

ಕೊಪ್ಪಳ ಜಿಲ್ಲೆಯ ಕವಲೂರು ಗ್ರಾಮದ ಸ್ವಾತಂತ್ರ್ಯ ಹೋರಾಟಗಾರ ಹನುಮಂತಗೌಡ ಪಾಟೀಲ್ ಮತ್ತು ಅಭಿವೃದ್ಧಿಪಡಿಸಿದ ಕೃಷಿ ವಿಶ್ವವಿದ್ಯಾಲಯದಿಂದ ಇತ್ತೀಚೆಗೆ ಗೌರವ ಡಾಕ್ಟರೇಟ್ ಪಡೆದ ಜಿಲ್ಲೆಯ ಪ್ರಗತಿಪರ ರೈತರಾದ ದೇವೇಂದ್ರಪ್ಪ ಬಳೂಟಗಿ ಹಾಗೂ ಮುಖ್ಯಮಂತ್ರಿಗಳ ಪದಕಕ್ಕೆ ಭಾಜನರಾದ ಪೊಲೀಸ್ ಇಲಾಖೆಯ ಪೊಲೀಸ್ ಇನ್ಸ್‌ಪೆಕ್ಟರ್ ಅವರನ್ನು ಗಣ್ಯರು ಸನ್ಮಾನಿಸಿದರು.

ಲ್ಯಾಪ್‌ಟಾಪ್ ವಿತರಣೆ ಮತ್ತು
ಪ್ರತಿಭಾ ಪುರಸ್ಕಾರ:

ಈ ಕಾರ್ಯಕ್ರಮದಲ್ಲಿ ಎಸ್.ಎಸ್.ಎಲ್.ಸಿ ಹಾಗೂ ಪಿಯುಸಿ ವಾರ್ಷಿಕ ಪರೀಕ್ಷೆಯಲ್ಲಿ ಉತ್ತಮ ಅಂಕಗಳನ್ನು ಪಡೆದ ಕೊಪ್ಪಳ ಜಿಲ್ಲೆಯ ಮತ್ತು ಕೊಪ್ಪಳ ತಾಲ್ಲೂಕಿನ ಮೂರು ಟಾಪರ್ ವಿದ್ಯಾರ್ಥಿಗಳಿಗೆ ಲ್ಯಾಪ್‌ಟಾಪ್ ವಿತರಿಸಿ ಸನ್ಮಾನಿಸಲಾಯಿತು.

ಸಾಂಸ್ಕೃತಿಕ ಕಾರ್ಯಕ್ರಮ, ಬಹುಮಾನ ವಿತರಣೆ:

ಸ್ವಾತಂತ್ರ್ಯೋತ್ಸವ ದಿನಾಚರಣೆ ಪ್ರಯುಕ್ತ ಕೊಪ್ಪಳದ ಬಾಲಕಿಯರ ಪದವಿ ಪೂರ್ವ ಕಾಲೇಜಿನ ಮತ್ತು ಜ್ಞಾನಬಂಧು ಪಿಯು ಕಾಲೇಜು ವಿದ್ಯಾರ್ಥಿಗಳಿಂದ ದೇಶಭಕ್ತಿ ಗೀತೆಗಳಿಗೆ ನೃತ್ಯ ಮಾಡಿ, ಎಲ್ಲ ಗಮನ ಸೆಳೆದ ವಿದ್ಯಾರ್ಥಿಗಳಿಗೆ ಮತ್ತು ಪಥಸಂಚಲನದಲ್ಲಿ ಭಾಗವಹಿಸಿದ ತಂಡಗಳಿಗೆ ಪ್ರಶಸ್ತಿ ಪತ್ರವನ್ನು ನೀಡಿ ಸನ್ಮಾನಿಸಲಾಯಿತು. ಸಮಾರಂಭದ ಅಧ್ಯಕ್ಷತೆಯನ್ನು ಕೊಪ್ಪಳ ಶಾಸಕರಾದ ಕೆ.ರಾಘವೇಂದ್ರ ಹಿಟ್ನಾಳ ಅವರು ವಹಿಸಿದ್ದರು. ಕಾರ್ಯಕ್ರಮದಲ್ಲಿ ಕೊಪ್ಪಳ ಸಂಸದರಾದ ಕೆ.ರಾಜಶೇಖರ ಹಿಟ್ನಾಳ, ವಿಧಾನ ಪರಿಷತ್ ಸದಸ್ಯರಾದ ಹೇಮಲತಾ ನಾಯಕ, ಕೊಪ್ಪಳ ನಗರಸಭೆ ಅಧ್ಯಕ್ಷರಾದ ಅಮ್ಜದ್ ಪಟೇಲ್, ಜಿಲ್ಲಾಧಿಕಾರಿ ಸುರೇಶ ಬಿ. ಇಟ್ನಾಳ, ಜಿಲ್ಲಾ ಪಂಚಾಯತ್ ಮುಖ್ಯ ಕಾರ್ಯನಿರ್ವಾಹಕ ಅಧಿಕಾರಿ ವರ್ಣಿತ್ ನೇಗಿ, ಜಿಲ್ಲಾ ಪೊಲೀಸ್ ವರಿಷ್ಠಾಧಿಕಾರಿ ಡಾ.ರಾಮ್ ಎಲ್ ಅರಸಿದ್ಧಿ, ಅಪರ ಜಿಲ್ಲಾಧಿಕಾರಿ ಸಿದ್ರಾಮೇಶ್ವರ, ಉಪವಿಭಾಗಾಧಿಕಾರಿ ಕ್ಯಾಪ್ಟನ್ ಮಹೇಶ ಮಾಲಗಿತ್ತಿ ಸೇರಿದಂತೆ ಜಿಲ್ಲಾ ಮಟ್ಟದ ವಿವಿಧ ಇಲಾಖೆಯ ಅಧಿಕಾರಿಗಳು, ಸಿಬ್ಬಂದಿಗಳು ಮತ್ತು ವಿವಿಧ ಶಾಲಾ ಕಾಲೇಜುಗಳ ವಿದ್ಯಾರ್ಥಿಗಳು, ಶಿಕ್ಷಕರು ಸೇರಿದಂತೆ ಇತರೆ ಹಲವಾರು ಜನರು ಉಪಸ್ಥಿತರಿದ್ದರು.
